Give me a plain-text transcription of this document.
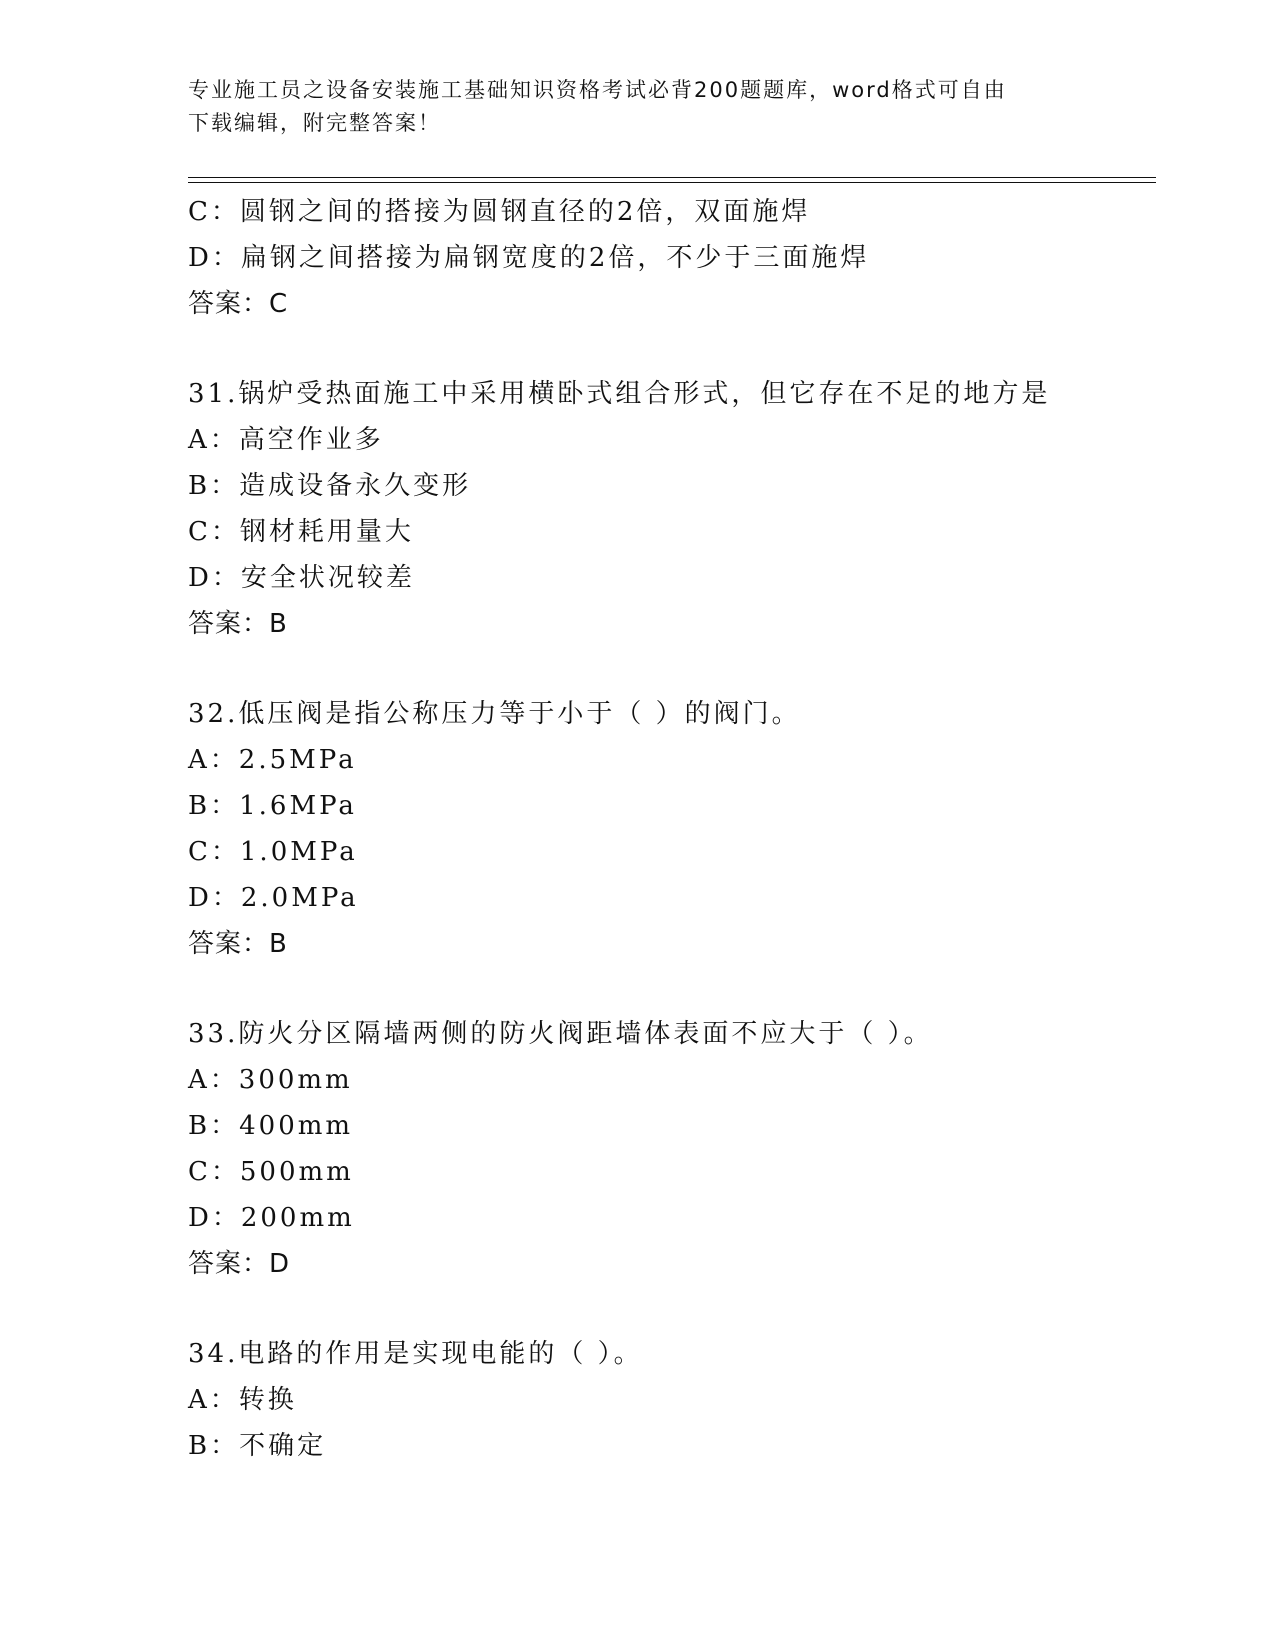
专业施工员之设备安装施工基础知识资格考试必背200题题库，word格式可自由
下载编辑，附完整答案！
C：圆钢之间的搭接为圆钢直径的2倍，双面施焊
D：扁钢之间搭接为扁钢宽度的2倍，不少于三面施焊
答案：C
31.锅炉受热面施工中采用横卧式组合形式，但它存在不足的地方是
A：高空作业多
B：造成设备永久变形
C：钢材耗用量大
D：安全状况较差
答案：B
32.低压阀是指公称压力等于小于（ ）的阀门。
A：2.5MPa
B：1.6MPa
C：1.0MPa
D：2.0MPa
答案：B
33.防火分区隔墙两侧的防火阀距墙体表面不应大于（ ）。
A：300mm
B：400mm
C：500mm
D：200mm
答案：D
34.电路的作用是实现电能的（ ）。
A：转换
B：不确定
